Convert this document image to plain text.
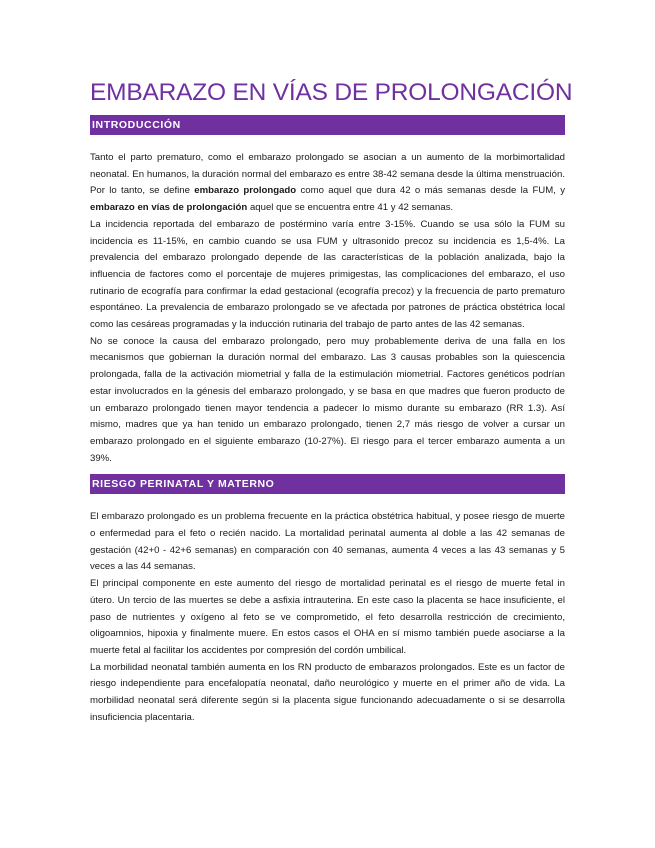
EMBARAZO EN VÍAS DE PROLONGACIÓN
INTRODUCCIÓN

Tanto el parto prematuro, como el embarazo prolongado se asocian a un aumento de la morbimortalidad neonatal. En humanos, la duración normal del embarazo es entre 38-42 semana desde la última menstruación. Por lo tanto, se define embarazo prolongado como aquel que dura 42 o más semanas desde la FUM, y embarazo en vías de prolongación aquel que se encuentra entre 41 y 42 semanas.

La incidencia reportada del embarazo de postérmino varía entre 3-15%. Cuando se usa sólo la FUM su incidencia es 11-15%, en cambio cuando se usa FUM y ultrasonido precoz su incidencia es 1,5-4%. La prevalencia del embarazo prolongado depende de las características de la población analizada, bajo la influencia de factores como el porcentaje de mujeres primigestas, las complicaciones del embarazo, el uso rutinario de ecografía para confirmar la edad gestacional (ecografía precoz) y la frecuencia de parto prematuro espontáneo. La prevalencia de embarazo prolongado se ve afectada por patrones de práctica obstétrica local como las cesáreas programadas y la inducción rutinaria del trabajo de parto antes de las 42 semanas.

No se conoce la causa del embarazo prolongado, pero muy probablemente deriva de una falla en los mecanismos que gobiernan la duración normal del embarazo. Las 3 causas probables son la quiescencia prolongada, falla de la activación miometrial y falla de la estimulación miometrial. Factores genéticos podrían estar involucrados en la génesis del embarazo prolongado, y se basa en que madres que fueron producto de un embarazo prolongado tienen mayor tendencia a padecer lo mismo durante su embarazo (RR 1.3). Así mismo, madres que ya han tenido un embarazo prolongado, tienen 2,7 más riesgo de volver a cursar un embarazo prolongado en el siguiente embarazo (10-27%). El riesgo para el tercer embarazo aumenta a un 39%.

RIESGO PERINATAL Y MATERNO

El embarazo prolongado es un problema frecuente en la práctica obstétrica habitual, y posee riesgo de muerte o enfermedad para el feto o recién nacido. La mortalidad perinatal aumenta al doble a las 42 semanas de gestación (42+0 - 42+6 semanas) en comparación con 40 semanas, aumenta 4 veces a las 43 semanas y 5 veces a las 44 semanas.

El principal componente en este aumento del riesgo de mortalidad perinatal es el riesgo de muerte fetal in útero. Un tercio de las muertes se debe a asfixia intrauterina. En este caso la placenta se hace insuficiente, el paso de nutrientes y oxígeno al feto se ve comprometido, el feto desarrolla restricción de crecimiento, oligoamnios, hipoxia y finalmente muere. En estos casos el OHA en sí mismo también puede asociarse a la muerte fetal al facilitar los accidentes por compresión del cordón umbilical.

La morbilidad neonatal también aumenta en los RN producto de embarazos prolongados. Este es un factor de riesgo independiente para encefalopatía neonatal, daño neurológico y muerte en el primer año de vida. La morbilidad neonatal será diferente según si la placenta sigue funcionando adecuadamente o si se desarrolla insuficiencia placentaria.
